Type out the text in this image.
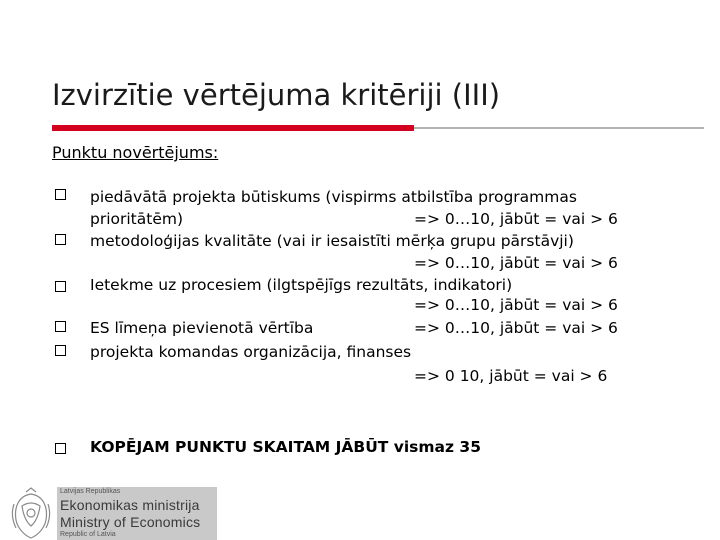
Izvirzītie vērtējuma kritēriji (III)
Punktu novērtējums:
piedāvātā projekta būtiskums (vispirms atbilstība programmas
prioritātēm)	=> 0…10, jābūt = vai > 6
metodoloģijas kvalitāte (vai ir iesaistīti mērķa grupu pārstāvji)
=> 0…10, jābūt = vai > 6
Ietekme uz procesiem (ilgtspējīgs rezultāts, indikatori)
=> 0…10, jābūt = vai > 6
ES līmeņa pievienotā vērtība	=> 0…10, jābūt = vai > 6
projekta komandas organizācija, finanses
=> 0 10, jābūt = vai > 6
KOPĒJAM PUNKTU SKAITAM JĀBŪT vismaz 35
Latvijas Republikas
Ekonomikas ministrija
Ministry of Economics
Republic of Latvia
